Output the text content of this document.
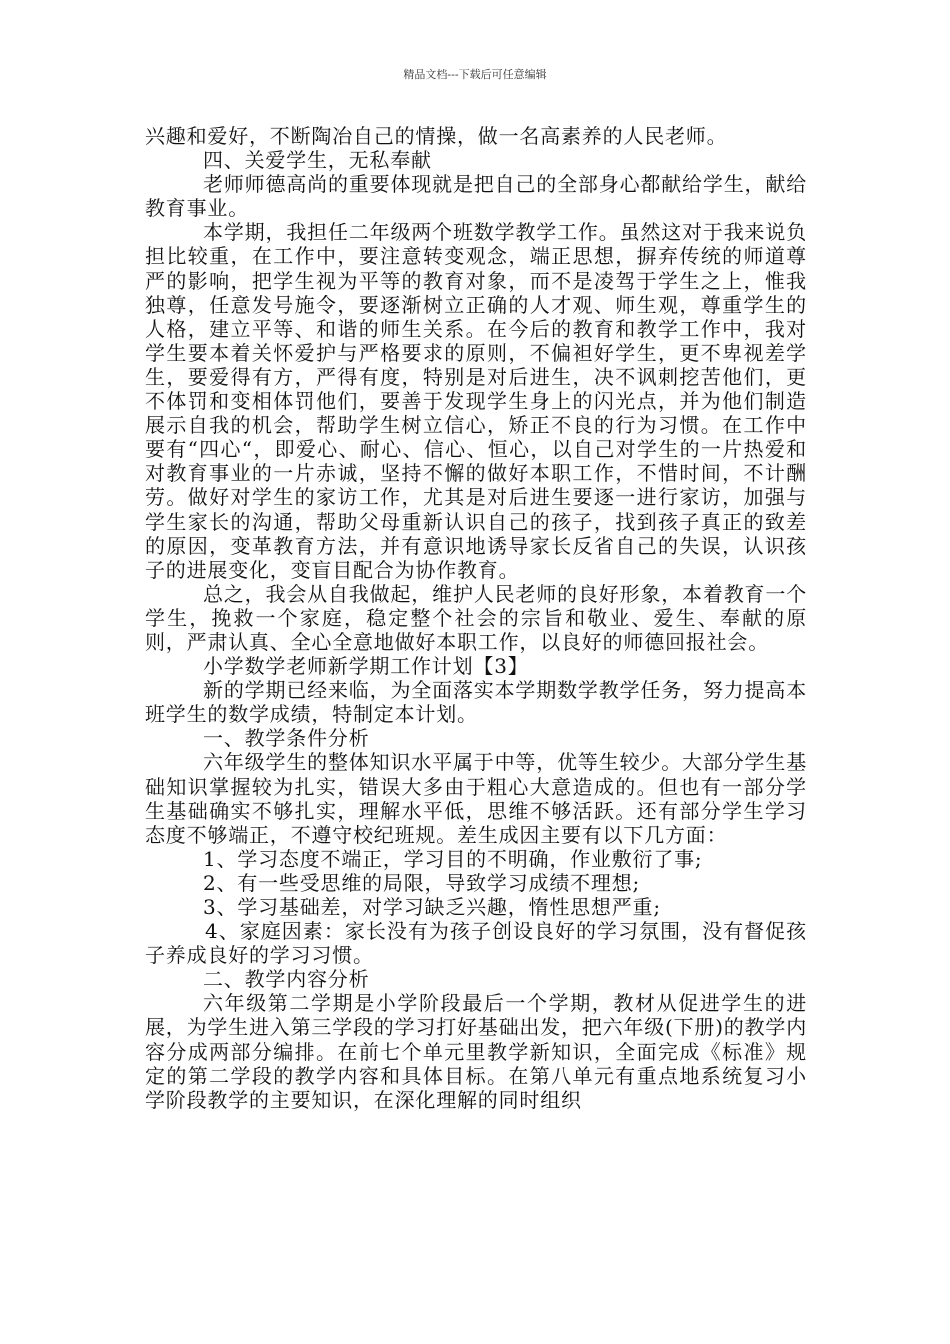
精品文档---下载后可任意编辑

兴趣和爱好，不断陶冶自己的情操，做一名高素养的人民老师。

四、关爱学生，无私奉献

老师师德高尚的重要体现就是把自己的全部身心都献给学生，献给教育事业。

本学期，我担任二年级两个班数学教学工作。虽然这对于我来说负担比较重，在工作中，要注意转变观念，端正思想，摒弃传统的师道尊严的影响，把学生视为平等的教育对象，而不是凌驾于学生之上，惟我独尊，任意发号施令，要逐渐树立正确的人才观、师生观，尊重学生的人格，建立平等、和谐的师生关系。在今后的教育和教学工作中，我对学生要本着关怀爱护与严格要求的原则，不偏袒好学生，更不卑视差学生，要爱得有方，严得有度，特别是对后进生，决不讽刺挖苦他们，更不体罚和变相体罚他们，要善于发现学生身上的闪光点，并为他们制造展示自我的机会，帮助学生树立信心，矫正不良的行为习惯。在工作中要有“四心“，即爱心、耐心、信心、恒心，以自己对学生的一片热爱和对教育事业的一片赤诚，坚持不懈的做好本职工作，不惜时间，不计酬劳。做好对学生的家访工作，尤其是对后进生要逐一进行家访，加强与学生家长的沟通，帮助父母重新认识自己的孩子，找到孩子真正的致差的原因，变革教育方法，并有意识地诱导家长反省自己的失误，认识孩子的进展变化，变盲目配合为协作教育。

总之，我会从自我做起，维护人民老师的良好形象，本着教育一个学生，挽救一个家庭，稳定整个社会的宗旨和敬业、爱生、奉献的原则，严肃认真、全心全意地做好本职工作，以良好的师德回报社会。

小学数学老师新学期工作计划【3】

新的学期已经来临，为全面落实本学期数学教学任务，努力提高本班学生的数学成绩，特制定本计划。

一、教学条件分析

六年级学生的整体知识水平属于中等，优等生较少。大部分学生基础知识掌握较为扎实，错误大多由于粗心大意造成的。但也有一部分学生基础确实不够扎实，理解水平低，思维不够活跃。还有部分学生学习态度不够端正，不遵守校纪班规。差生成因主要有以下几方面：

1、学习态度不端正，学习目的不明确，作业敷衍了事;

2、有一些受思维的局限，导致学习成绩不理想;

3、学习基础差，对学习缺乏兴趣，惰性思想严重;

4、家庭因素：家长没有为孩子创设良好的学习氛围，没有督促孩子养成良好的学习习惯。

二、教学内容分析

六年级第二学期是小学阶段最后一个学期，教材从促进学生的进展，为学生进入第三学段的学习打好基础出发，把六年级(下册)的教学内容分成两部分编排。在前七个单元里教学新知识，全面完成《标准》规定的第二学段的教学内容和具体目标。在第八单元有重点地系统复习小学阶段教学的主要知识，在深化理解的同时组织
